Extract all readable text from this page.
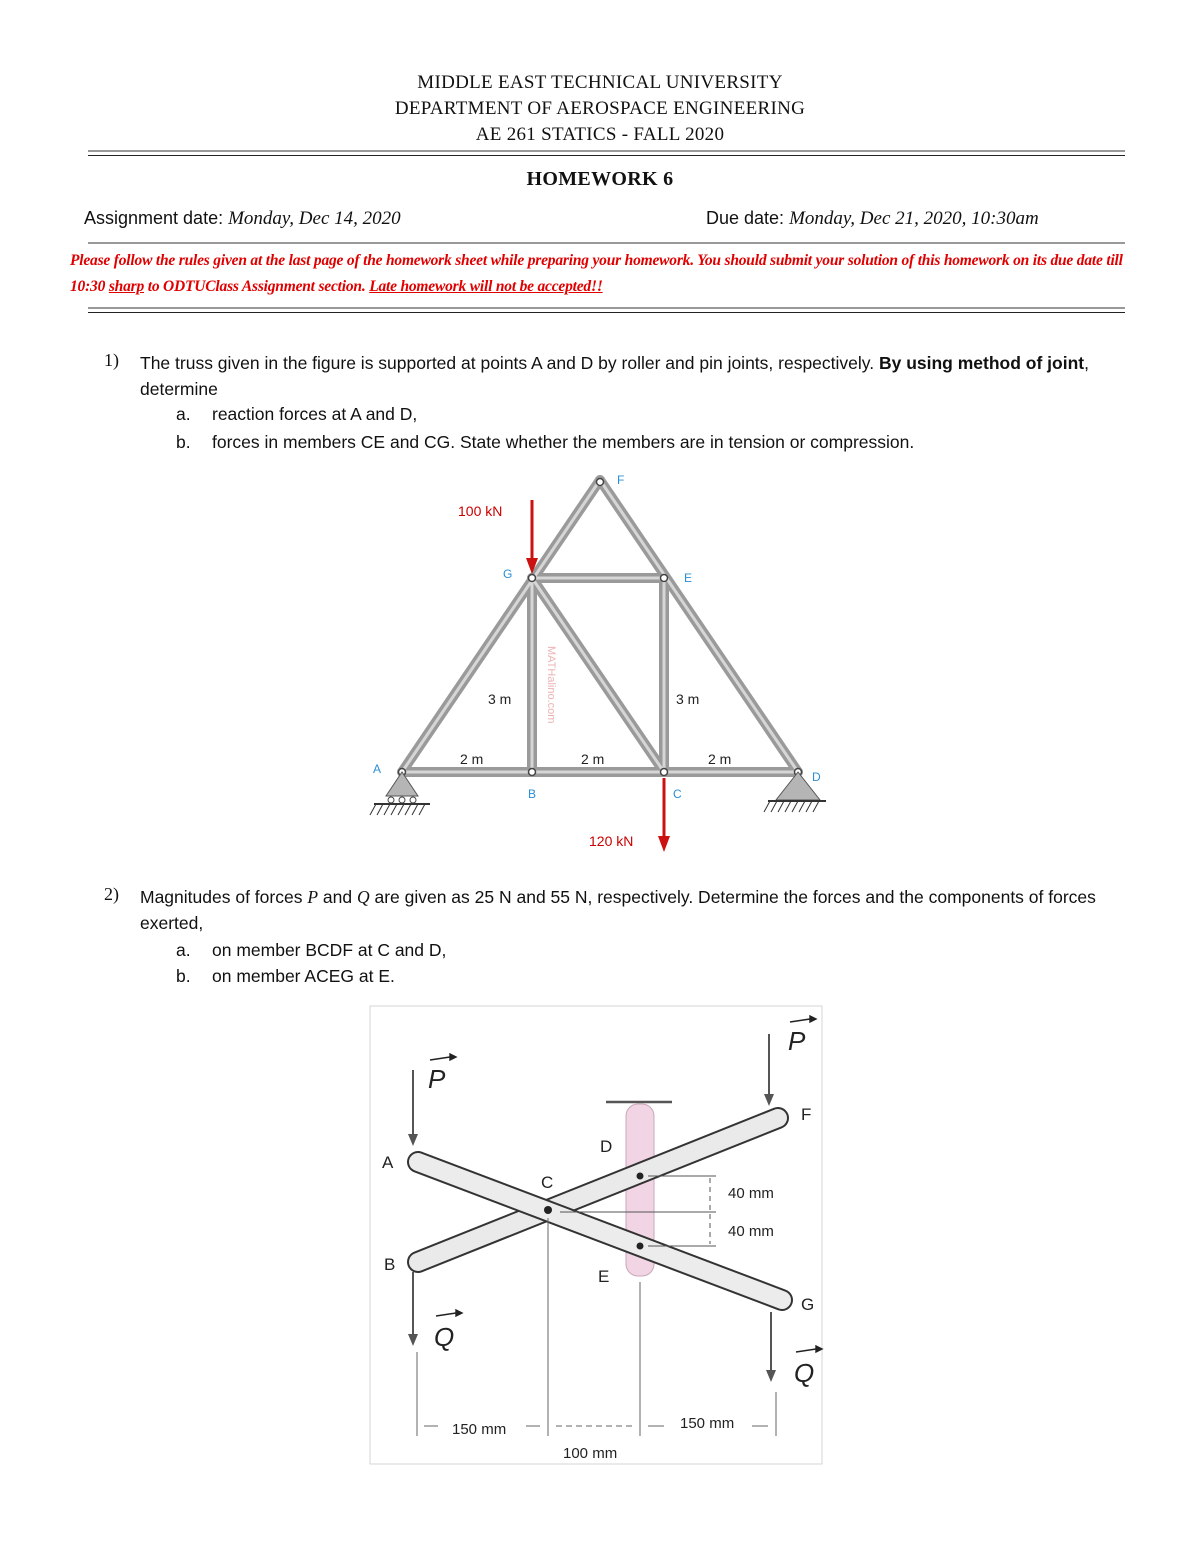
MIDDLE EAST TECHNICAL UNIVERSITY
DEPARTMENT OF AEROSPACE ENGINEERING
AE 261 STATICS - FALL 2020
HOMEWORK 6
Assignment date: Monday, Dec 14, 2020	Due date: Monday, Dec 21, 2020, 10:30am
Please follow the rules given at the last page of the homework sheet while preparing your homework. You should submit your solution of this homework on its due date till 10:30 sharp to ODTUClass Assignment section. Late homework will not be accepted!!
1) The truss given in the figure is supported at points A and D by roller and pin joints, respectively. By using method of joint, determine
a. reaction forces at A and D,
b. forces in members CE and CG. State whether the members are in tension or compression.
100 kN
120 kN
F
G	E
A
B	C
D
3 m	3 m
2 m	2 m	2 m
MATHalino.com
2) Magnitudes of forces P and Q are given as 25 N and 55 N, respectively. Determine the forces and the components of forces exerted,
a. on member BCDF at C and D,
b. on member ACEG at E.
P
P
Q
Q
A
B
C
D
E
F
G
40 mm
40 mm
150 mm
100 mm
150 mm
